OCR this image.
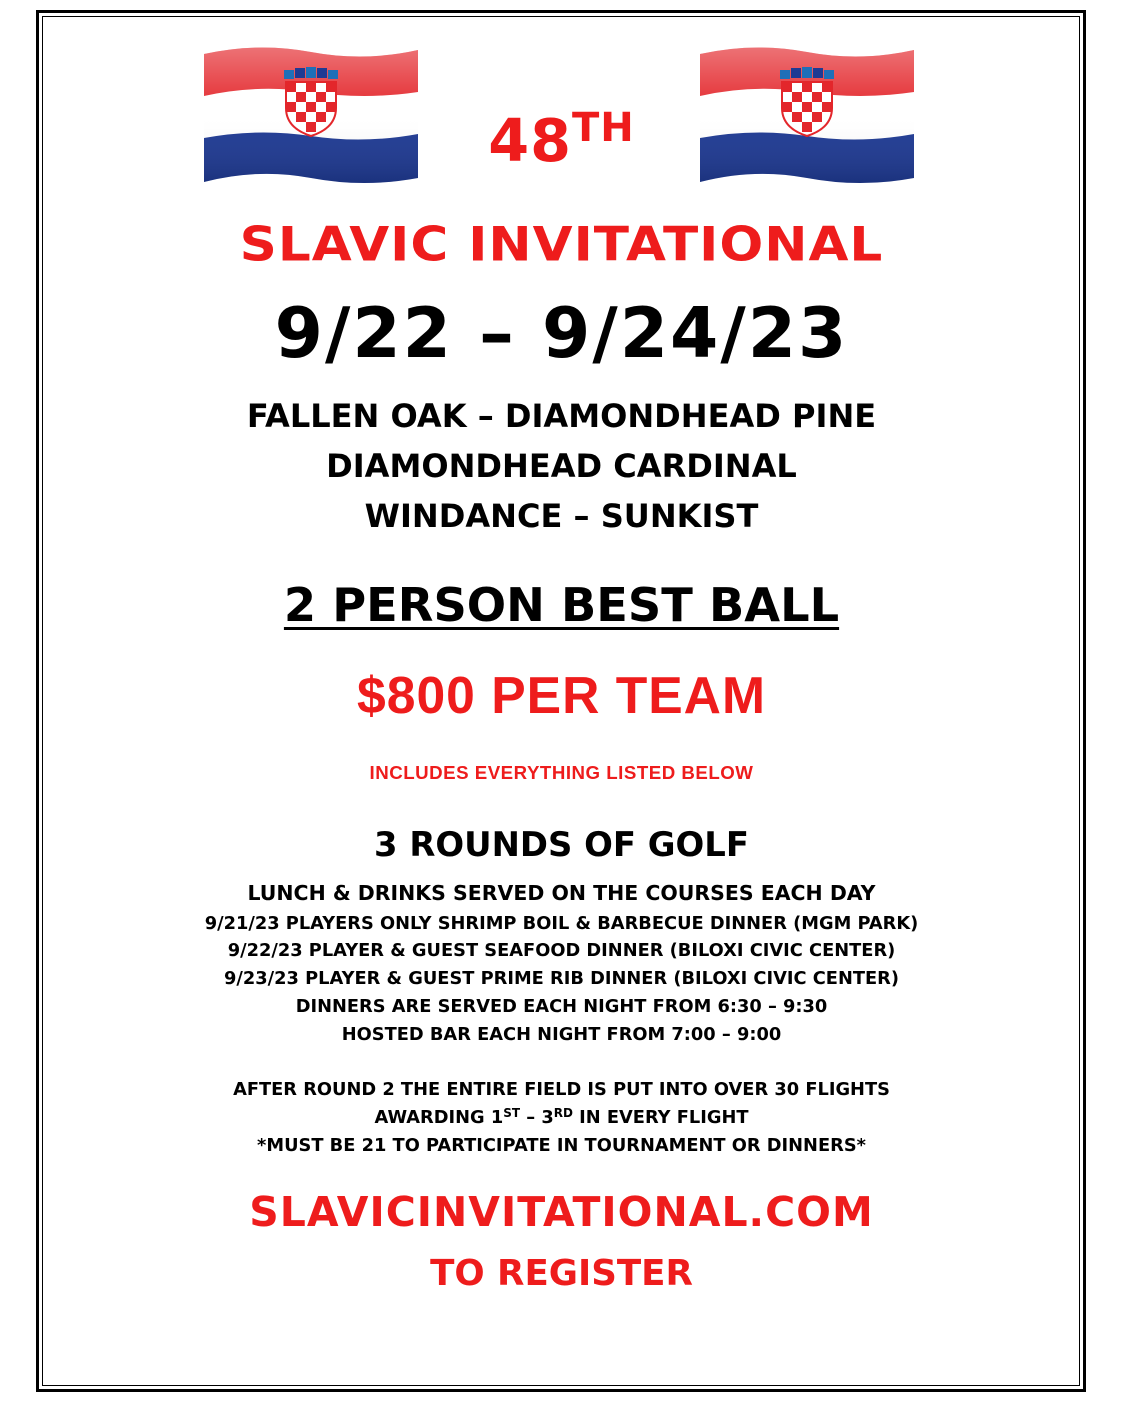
48TH
SLAVIC INVITATIONAL
9/22 – 9/24/23
FALLEN OAK – DIAMONDHEAD PINE
DIAMONDHEAD CARDINAL
WINDANCE – SUNKIST
2 PERSON BEST BALL
$800 PER TEAM
INCLUDES EVERYTHING LISTED BELOW
3 ROUNDS OF GOLF
LUNCH & DRINKS SERVED ON THE COURSES EACH DAY
9/21/23 PLAYERS ONLY SHRIMP BOIL & BARBECUE DINNER (MGM PARK)
9/22/23 PLAYER & GUEST SEAFOOD DINNER (BILOXI CIVIC CENTER)
9/23/23 PLAYER & GUEST PRIME RIB DINNER (BILOXI CIVIC CENTER)
DINNERS ARE SERVED EACH NIGHT FROM 6:30 – 9:30
HOSTED BAR EACH NIGHT FROM 7:00 – 9:00
AFTER ROUND 2 THE ENTIRE FIELD IS PUT INTO OVER 30 FLIGHTS
AWARDING 1ST – 3RD IN EVERY FLIGHT
*MUST BE 21 TO PARTICIPATE IN TOURNAMENT OR DINNERS*
SLAVICINVITATIONAL.COM
TO REGISTER
